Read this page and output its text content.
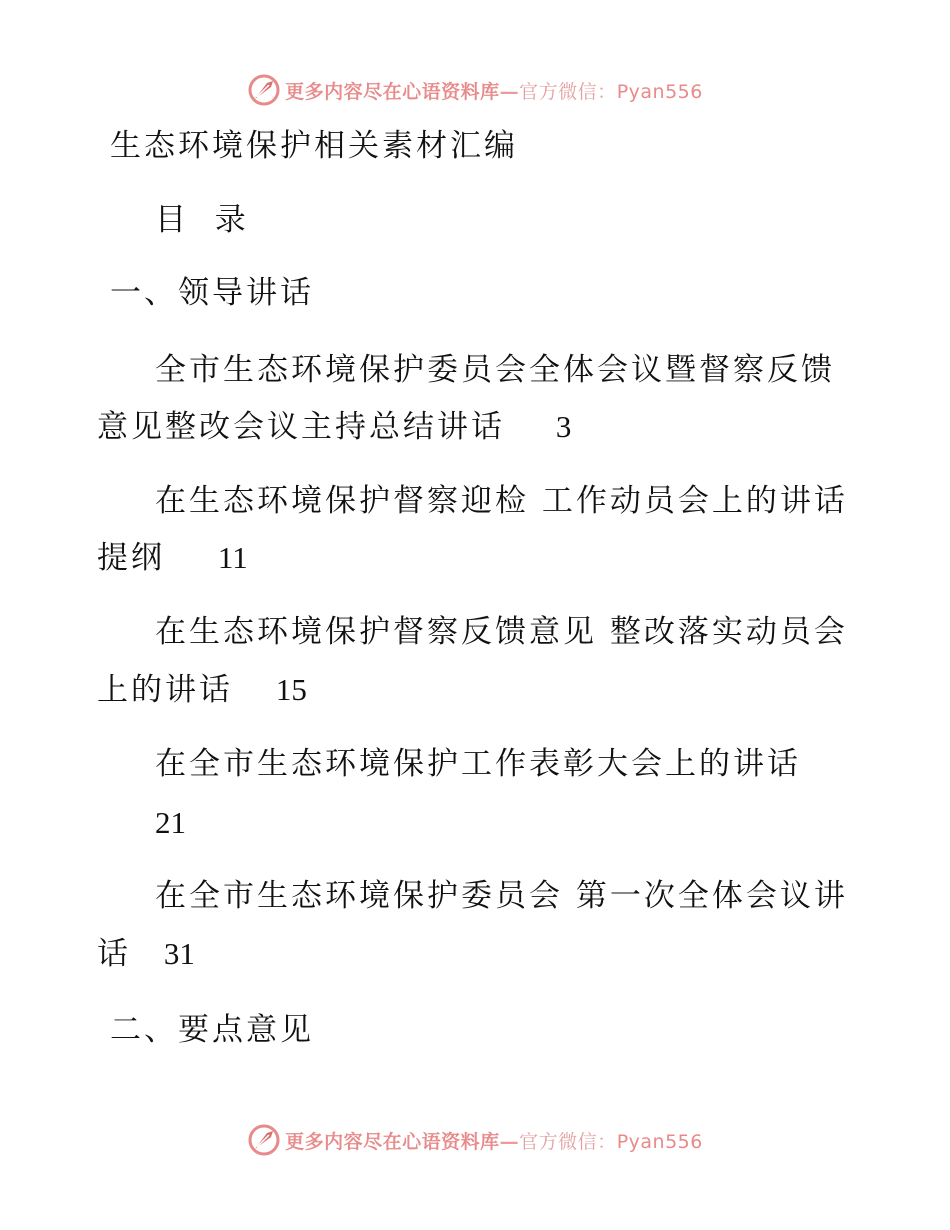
更多内容尽在心语资料库—官方微信：Pyan556
生态环境保护相关素材汇编
目  录
一、领导讲话
全市生态环境保护委员会全体会议暨督察反馈
意见整改会议主持总结讲话 3
在生态环境保护督察迎检 工作动员会上的讲话
提纲 11
在生态环境保护督察反馈意见 整改落实动员会
上的讲话 15
在全市生态环境保护工作表彰大会上的讲话
21
在全市生态环境保护委员会 第一次全体会议讲
话 31
二、要点意见
更多内容尽在心语资料库—官方微信：Pyan556
